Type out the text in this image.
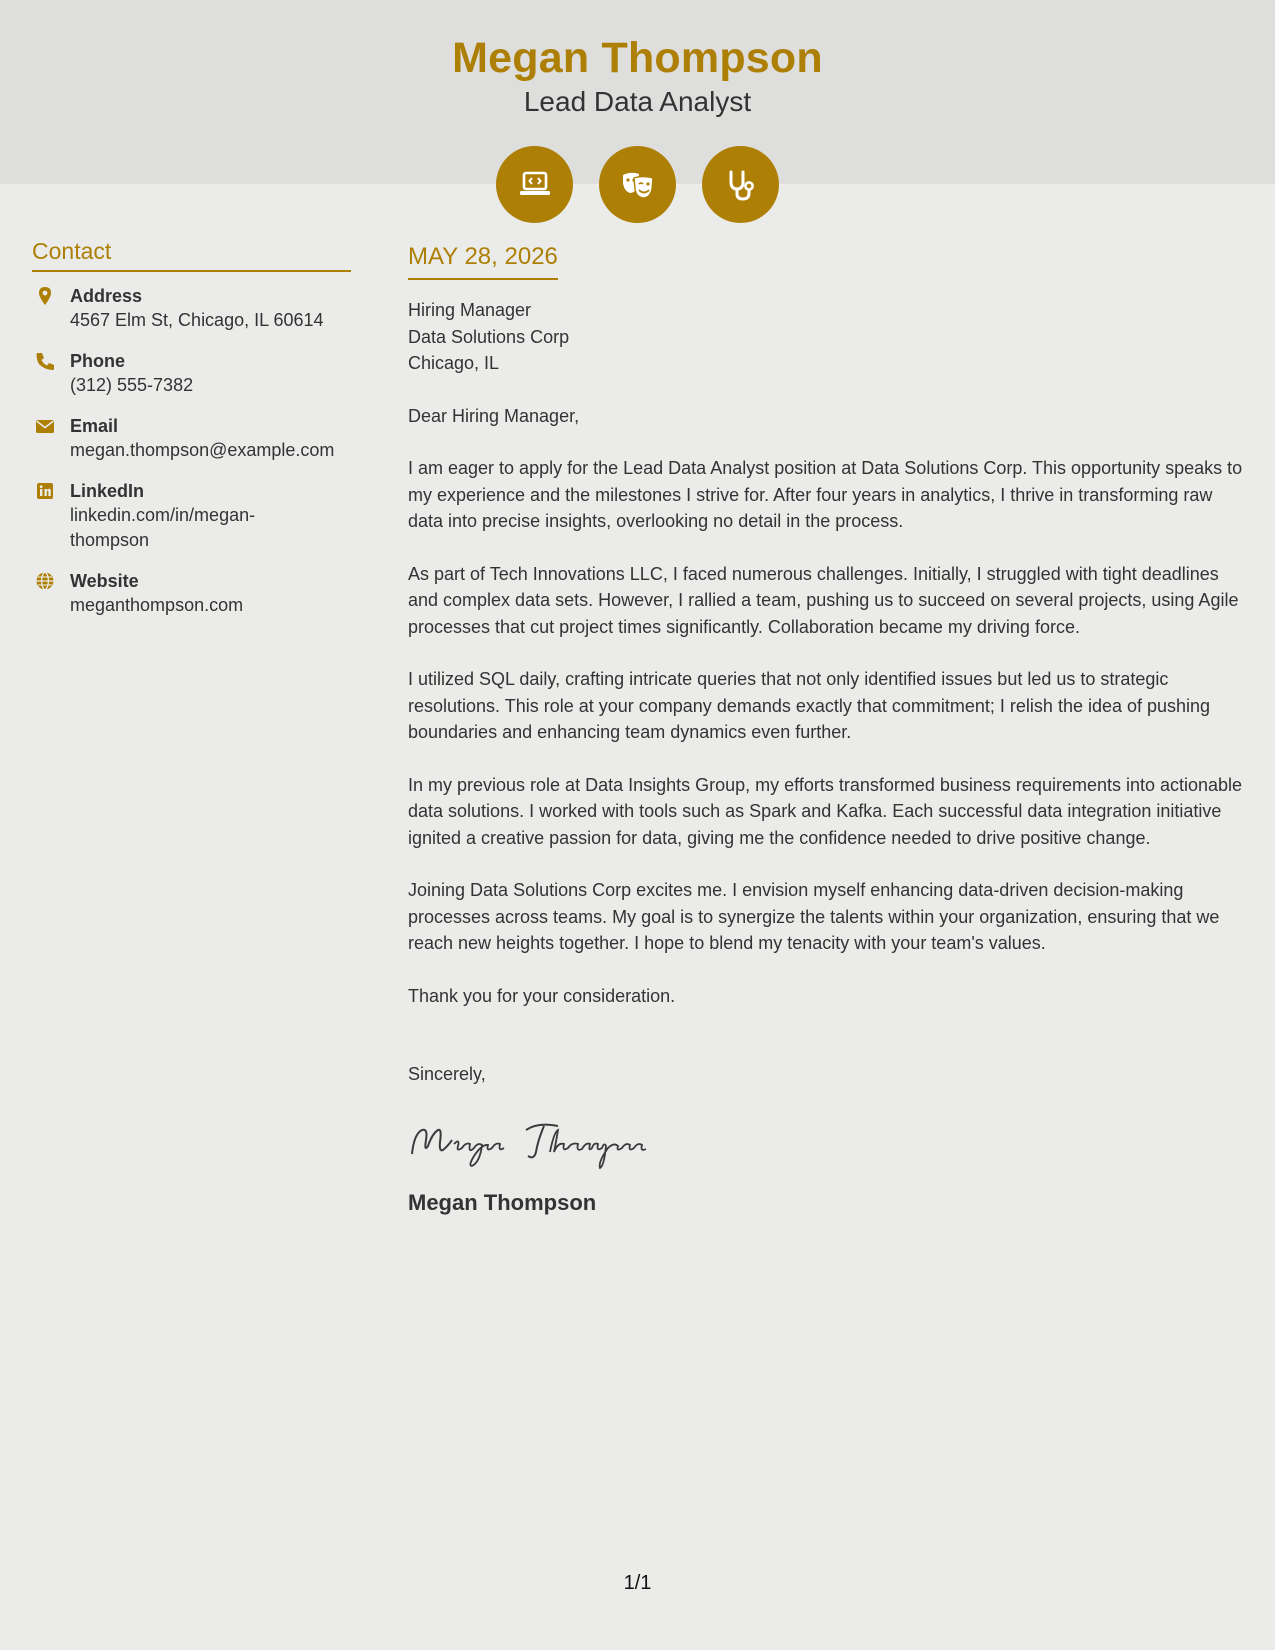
Megan Thompson
Lead Data Analyst
Contact
Address
4567 Elm St, Chicago, IL 60614
Phone
(312) 555-7382
Email
megan.thompson@example.com
LinkedIn
linkedin.com/in/megan-thompson
Website
meganthompson.com
MAY 28, 2026
Hiring Manager
Data Solutions Corp
Chicago, IL
Dear Hiring Manager,
I am eager to apply for the Lead Data Analyst position at Data Solutions Corp. This opportunity speaks to my experience and the milestones I strive for. After four years in analytics, I thrive in transforming raw data into precise insights, overlooking no detail in the process.
As part of Tech Innovations LLC, I faced numerous challenges. Initially, I struggled with tight deadlines and complex data sets. However, I rallied a team, pushing us to succeed on several projects, using Agile processes that cut project times significantly. Collaboration became my driving force.
I utilized SQL daily, crafting intricate queries that not only identified issues but led us to strategic resolutions. This role at your company demands exactly that commitment; I relish the idea of pushing boundaries and enhancing team dynamics even further.
In my previous role at Data Insights Group, my efforts transformed business requirements into actionable data solutions. I worked with tools such as Spark and Kafka. Each successful data integration initiative ignited a creative passion for data, giving me the confidence needed to drive positive change.
Joining Data Solutions Corp excites me. I envision myself enhancing data-driven decision-making processes across teams. My goal is to synergize the talents within your organization, ensuring that we reach new heights together. I hope to blend my tenacity with your team's values.
Thank you for your consideration.
Sincerely,
Megan Thompson
1/1
